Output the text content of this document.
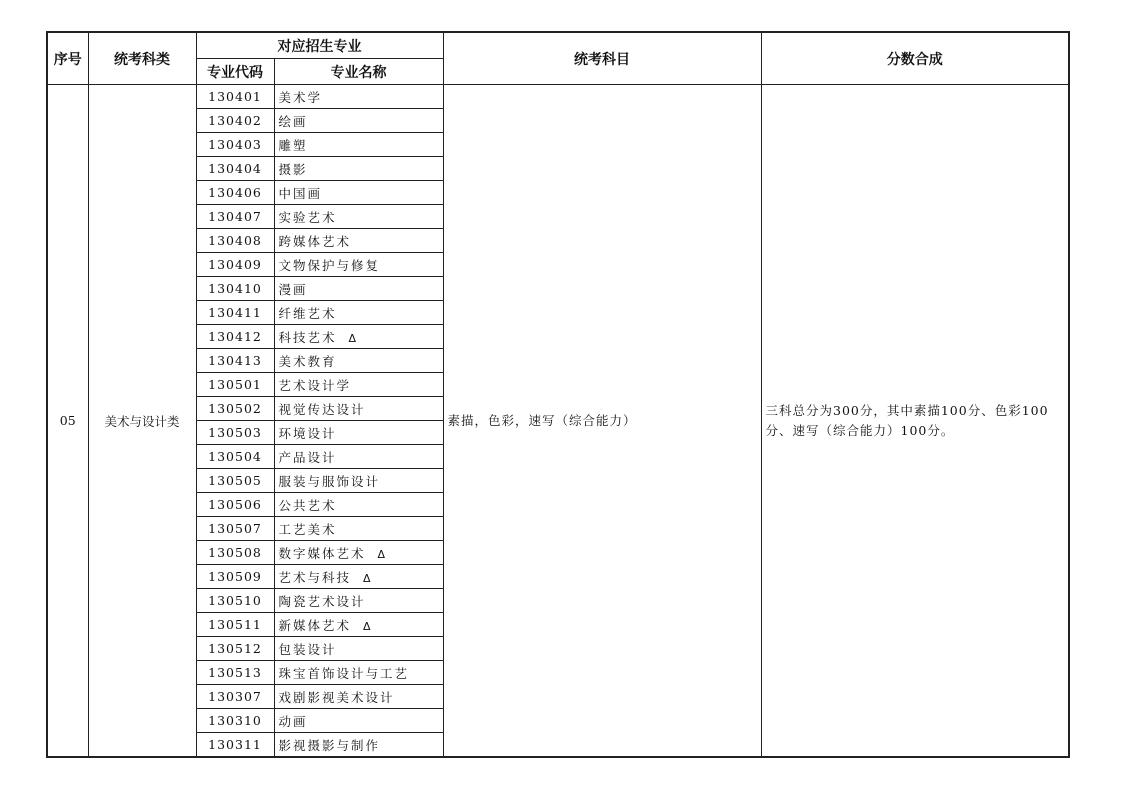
序号	统考科类	对应招生专业		统考科目	分数合成
		专业代码	专业名称		
05	美术与设计类	130401	美术学	素描，色彩，速写（综合能力）	三科总分为300分，其中素描100分、色彩100分、速写（综合能力）100分。
		130402	绘画		
		130403	雕塑		
		130404	摄影		
		130406	中国画		
		130407	实验艺术		
		130408	跨媒体艺术		
		130409	文物保护与修复		
		130410	漫画		
		130411	纤维艺术		
		130412	科技艺术 Δ		
		130413	美术教育		
		130501	艺术设计学		
		130502	视觉传达设计		
		130503	环境设计		
		130504	产品设计		
		130505	服装与服饰设计		
		130506	公共艺术		
		130507	工艺美术		
		130508	数字媒体艺术 Δ		
		130509	艺术与科技 Δ		
		130510	陶瓷艺术设计		
		130511	新媒体艺术 Δ		
		130512	包装设计		
		130513	珠宝首饰设计与工艺		
		130307	戏剧影视美术设计		
		130310	动画		
		130311	影视摄影与制作		
